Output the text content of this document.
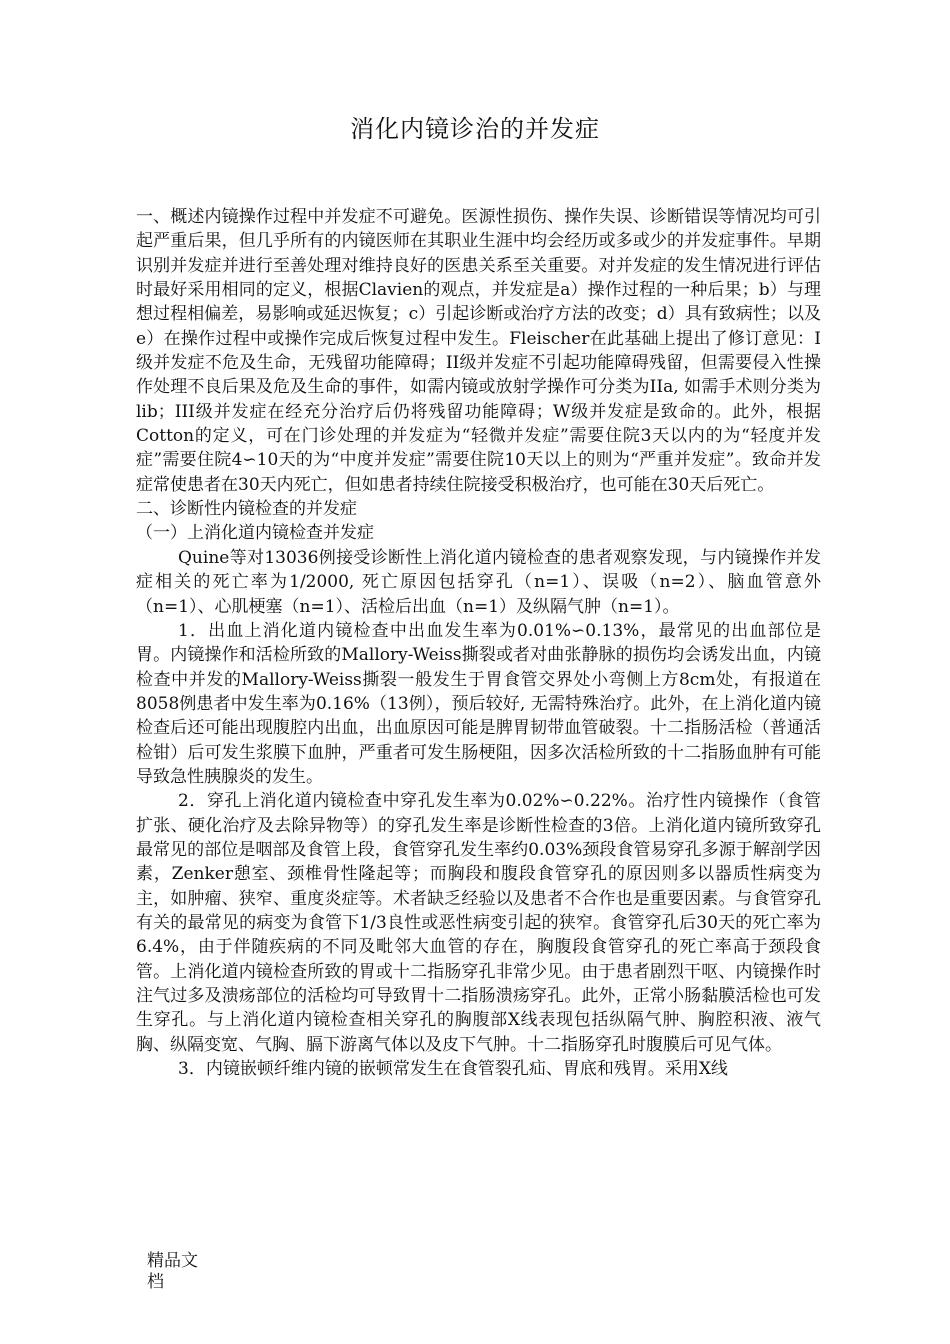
消化内镜诊治的并发症

一、概述内镜操作过程中并发症不可避免。医源性损伤、操作失误、诊断错误等情况均可引起严重后果，但几乎所有的内镜医师在其职业生涯中均会经历或多或少的并发症事件。早期识别并发症并进行至善处理对维持良好的医患关系至关重要。对并发症的发生情况进行评估时最好采用相同的定义，根据Clavien的观点，并发症是a）操作过程的一种后果；b）与理想过程相偏差，易影响或延迟恢复；c）引起诊断或治疗方法的改变；d）具有致病性；以及e）在操作过程中或操作完成后恢复过程中发生。Fleischer在此基础上提出了修订意见：I级并发症不危及生命，无残留功能障碍；II级并发症不引起功能障碍残留，但需要侵入性操作处理不良后果及危及生命的事件，如需内镜或放射学操作可分类为IIa, 如需手术则分类为lib；III级并发症在经充分治疗后仍将残留功能障碍；W级并发症是致命的。此外，根据Cotton的定义，可在门诊处理的并发症为“轻微并发症”需要住院3天以内的为“轻度并发症”需要住院4∽10天的为“中度并发症”需要住院10天以上的则为“严重并发症”。致命并发症常使患者在30天内死亡，但如患者持续住院接受积极治疗，也可能在30天后死亡。

二、诊断性内镜检查的并发症

（一）上消化道内镜检查并发症

Quine等对13036例接受诊断性上消化道内镜检查的患者观察发现，与内镜操作并发症相关的死亡率为1/2000, 死亡原因包括穿孔（n=1）、误吸（n=2）、脑血管意外（n=1）、心肌梗塞（n=1）、活检后出血（n=1）及纵隔气肿（n=1）。

1．出血上消化道内镜检查中出血发生率为0.01%∽0.13%，最常见的出血部位是胃。内镜操作和活检所致的Mallory-Weiss撕裂或者对曲张静脉的损伤均会诱发出血，内镜检查中并发的Mallory-Weiss撕裂一般发生于胃食管交界处小弯侧上方8cm处，有报道在8058例患者中发生率为0.16%（13例），预后较好, 无需特殊治疗。此外，在上消化道内镜检查后还可能出现腹腔内出血，出血原因可能是脾胃韧带血管破裂。十二指肠活检（普通活检钳）后可发生浆膜下血肿，严重者可发生肠梗阻，因多次活检所致的十二指肠血肿有可能导致急性胰腺炎的发生。

2．穿孔上消化道内镜检查中穿孔发生率为0.02%∽0.22%。治疗性内镜操作（食管扩张、硬化治疗及去除异物等）的穿孔发生率是诊断性检查的3倍。上消化道内镜所致穿孔最常见的部位是咽部及食管上段，食管穿孔发生率约0.03%颈段食管易穿孔多源于解剖学因素，Zenker憩室、颈椎骨性隆起等；而胸段和腹段食管穿孔的原因则多以器质性病变为主，如肿瘤、狭窄、重度炎症等。术者缺乏经验以及患者不合作也是重要因素。与食管穿孔有关的最常见的病变为食管下1/3良性或恶性病变引起的狭窄。食管穿孔后30天的死亡率为6.4%，由于伴随疾病的不同及毗邻大血管的存在，胸腹段食管穿孔的死亡率高于颈段食管。上消化道内镜检查所致的胃或十二指肠穿孔非常少见。由于患者剧烈干呕、内镜操作时注气过多及溃疡部位的活检均可导致胃十二指肠溃疡穿孔。此外，正常小肠黏膜活检也可发生穿孔。与上消化道内镜检查相关穿孔的胸腹部X线表现包括纵隔气肿、胸腔积液、液气胸、纵隔变宽、气胸、膈下游离气体以及皮下气肿。十二指肠穿孔时腹膜后可见气体。

3．内镜嵌顿纤维内镜的嵌顿常发生在食管裂孔疝、胃底和残胃。采用X线

精品文档
